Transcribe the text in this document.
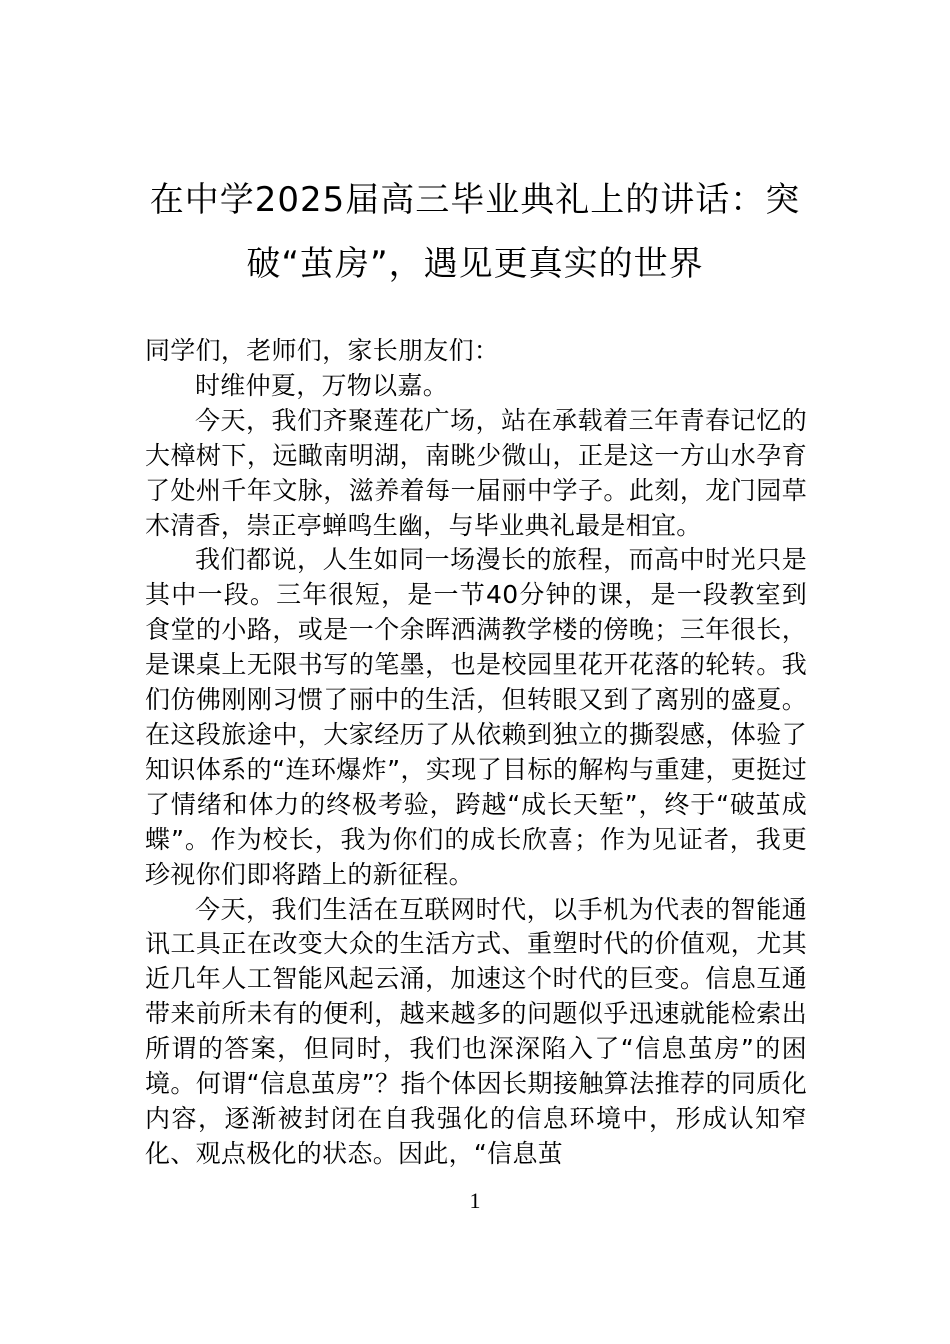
在中学2025届高三毕业典礼上的讲话：突
破“茧房”，遇见更真实的世界

同学们，老师们，家长朋友们：

时维仲夏，万物以嘉。

今天，我们齐聚莲花广场，站在承载着三年青春记忆的大樟树下，远瞰南明湖，南眺少微山，正是这一方山水孕育了处州千年文脉，滋养着每一届丽中学子。此刻，龙门园草木清香，崇正亭蝉鸣生幽，与毕业典礼最是相宜。

我们都说，人生如同一场漫长的旅程，而高中时光只是其中一段。三年很短，是一节40分钟的课，是一段教室到食堂的小路，或是一个余晖洒满教学楼的傍晚；三年很长，是课桌上无限书写的笔墨，也是校园里花开花落的轮转。我们仿佛刚刚习惯了丽中的生活，但转眼又到了离别的盛夏。在这段旅途中，大家经历了从依赖到独立的撕裂感，体验了知识体系的“连环爆炸”，实现了目标的解构与重建，更挺过了情绪和体力的终极考验，跨越“成长天堑”，终于“破茧成蝶”。作为校长，我为你们的成长欣喜；作为见证者，我更珍视你们即将踏上的新征程。

今天，我们生活在互联网时代，以手机为代表的智能通讯工具正在改变大众的生活方式、重塑时代的价值观，尤其近几年人工智能风起云涌，加速这个时代的巨变。信息互通带来前所未有的便利，越来越多的问题似乎迅速就能检索出所谓的答案，但同时，我们也深深陷入了“信息茧房”的困境。何谓“信息茧房”？指个体因长期接触算法推荐的同质化内容，逐渐被封闭在自我强化的信息环境中，形成认知窄化、观点极化的状态。因此，“信息茧

1
